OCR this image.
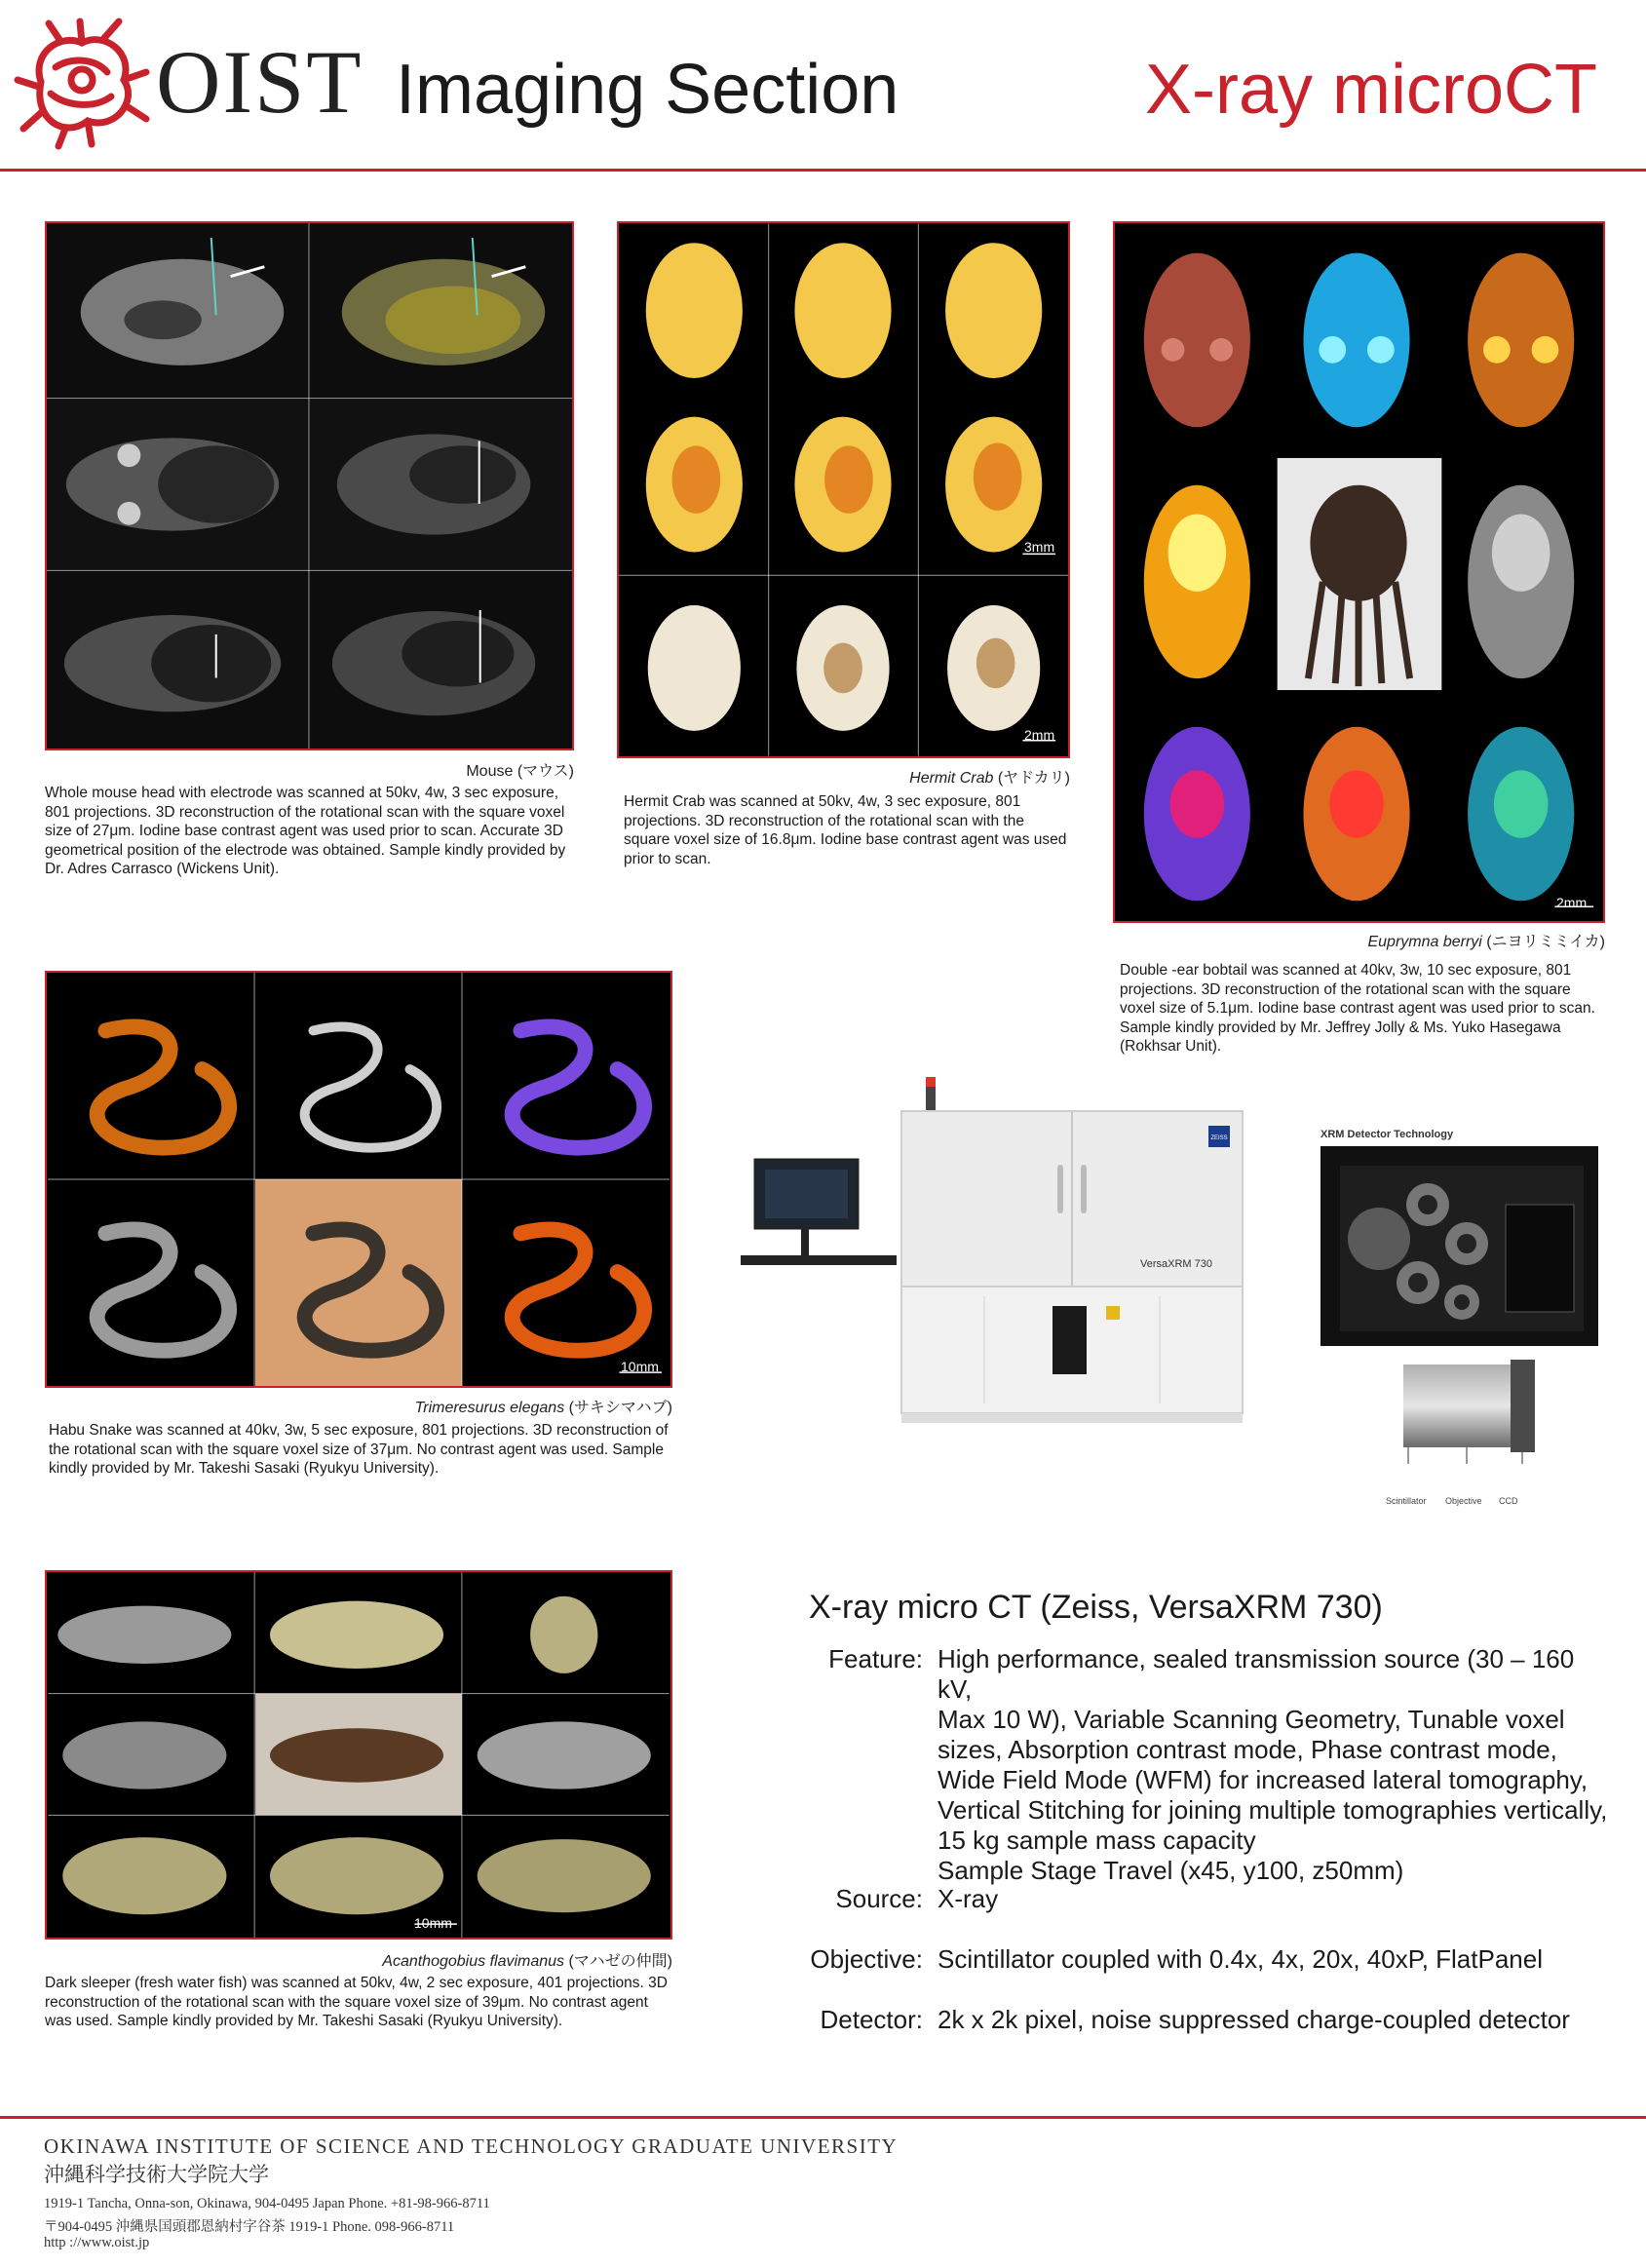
OIST Imaging Section	X-ray microCT
Mouse (マウス)
Whole mouse head with electrode was scanned at 50kv, 4w, 3 sec exposure, 801 projections. 3D reconstruction of the rotational scan with the square voxel size of 27μm. Iodine base contrast agent was used prior to scan. Accurate 3D geometrical position of the electrode was obtained. Sample kindly provided by Dr. Adres Carrasco (Wickens Unit).
3mm
2mm
Hermit Crab (ヤドカリ)
Hermit Crab was scanned at 50kv, 4w, 3 sec exposure, 801 projections. 3D reconstruction of the rotational scan with the square voxel size of 16.8μm. Iodine base contrast agent was used prior to scan.
2mm
Euprymna berryi (ニヨリミミイカ)
Double -ear bobtail was scanned at 40kv, 3w, 10 sec exposure, 801 projections. 3D reconstruction of the rotational scan with the square voxel size of 5.1μm. Iodine base contrast agent was used prior to scan. Sample kindly provided by Mr. Jeffrey Jolly & Ms. Yuko Hasegawa (Rokhsar Unit).
10mm
Trimeresurus elegans (サキシマハブ)
Habu Snake was scanned at 40kv, 3w, 5 sec exposure, 801 projections. 3D reconstruction of the rotational scan with the square voxel size of 37μm. No contrast agent was used. Sample kindly provided by Mr. Takeshi Sasaki (Ryukyu University).
ZEISS
VersaXRM 730
XRM Detector Technology
Scintillator Objective CCD
10mm
Acanthogobius flavimanus (マハゼの仲間)
Dark sleeper (fresh water fish) was scanned at 50kv, 4w, 2 sec exposure, 401 projections. 3D reconstruction of the rotational scan with the square voxel size of 39μm. No contrast agent was used. Sample kindly provided by Mr. Takeshi Sasaki (Ryukyu University).
X-ray micro CT (Zeiss, VersaXRM 730)
Feature: High performance, sealed transmission source (30 – 160 kV,
Max 10 W), Variable Scanning Geometry, Tunable voxel
sizes, Absorption contrast mode, Phase contrast mode,
Wide Field Mode (WFM) for increased lateral tomography,
Vertical Stitching for joining multiple tomographies vertically,
15 kg sample mass capacity
Sample Stage Travel (x45, y100, z50mm)
Source: X-ray
Objective: Scintillator coupled with 0.4x, 4x, 20x, 40xP, FlatPanel
Detector: 2k x 2k pixel, noise suppressed charge-coupled detector
OKINAWA INSTITUTE OF SCIENCE AND TECHNOLOGY GRADUATE UNIVERSITY
沖縄科学技術大学院大学
1919-1 Tancha, Onna-son, Okinawa, 904-0495 Japan Phone. +81-98-966-8711
〒904-0495 沖縄県国頭郡恩納村字谷茶 1919-1 Phone. 098-966-8711
http ://www.oist.jp
